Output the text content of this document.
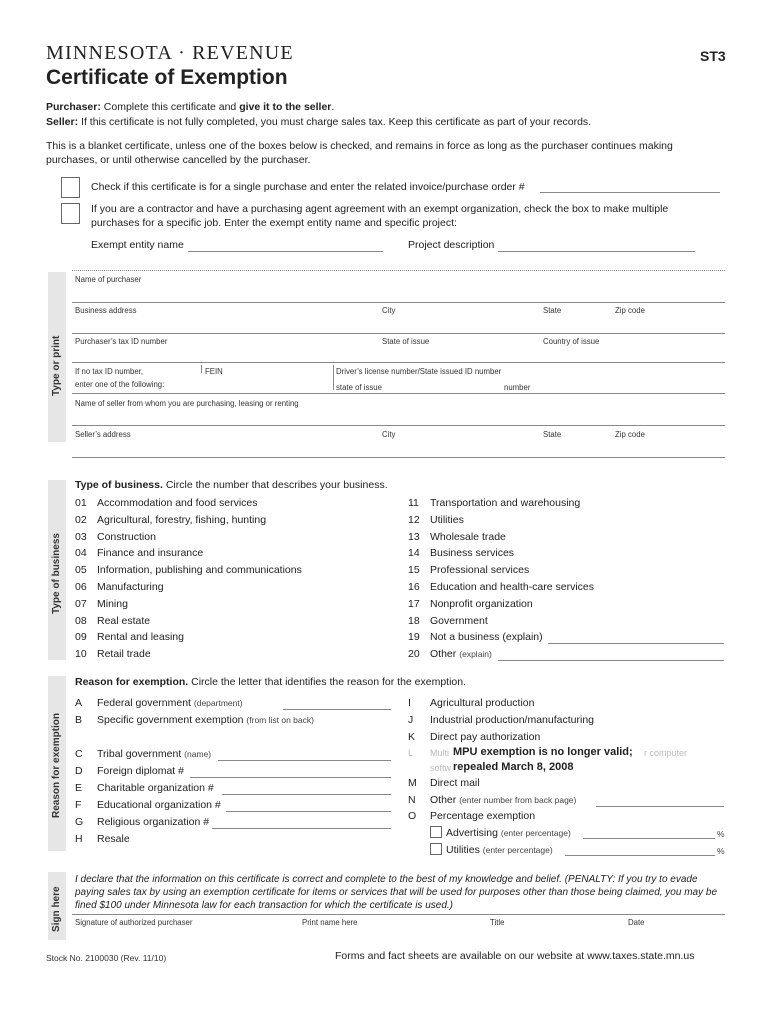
MINNESOTA · REVENUE	ST3
Certificate of Exemption
Purchaser: Complete this certificate and give it to the seller.
Seller: If this certificate is not fully completed, you must charge sales tax. Keep this certificate as part of your records.
This is a blanket certificate, unless one of the boxes below is checked, and remains in force as long as the purchaser continues making
purchases, or until otherwise cancelled by the purchaser.
Check if this certificate is for a single purchase and enter the related invoice/purchase order #
If you are a contractor and have a purchasing agent agreement with an exempt organization, check the box to make multiple
purchases for a specific job. Enter the exempt entity name and specific project:
Exempt entity name	Project description
Type or print
Name of purchaser
Business address	City	State	Zip code
Purchaser’s tax ID number	State of issue	Country of issue
If no tax ID number,
enter one of the following:
FEIN	Driver’s license number/State issued ID number
state of issue	number
Name of seller from whom you are purchasing, leasing or renting
Seller’s address	City	State	Zip code
Type of business
Type of business. Circle the number that describes your business.
01 Accommodation and food services
02 Agricultural, forestry, fishing, hunting
03 Construction
04 Finance and insurance
05 Information, publishing and communications
06 Manufacturing
07 Mining
08 Real estate
09 Rental and leasing
10 Retail trade
11 Transportation and warehousing
12 Utilities
13 Wholesale trade
14 Business services
15 Professional services
16 Education and health-care services
17 Nonprofit organization
18 Government
19 Not a business (explain)
20 Other (explain)
Reason for exemption
Reason for exemption. Circle the letter that identifies the reason for the exemption.
A Federal government (department)
B Specific government exemption (from list on back)
C Tribal government (name)
D Foreign diplomat #
E Charitable organization #
F Educational organization #
G Religious organization #
H Resale
I Agricultural production
J Industrial production/manufacturing
K Direct pay authorization
L Multi	r computer
softw
MPU exemption is no longer valid;
repealed March 8, 2008
M Direct mail
N Other (enter number from back page)
O Percentage exemption
Advertising (enter percentage)	%
Utilities (enter percentage)	%
Sign here
I declare that the information on this certificate is correct and complete to the best of my knowledge and belief. (PENALTY: If you try to evade paying sales tax by using an exemption certificate for items or services that will be used for purposes other than those being claimed, you may be fined $100 under Minnesota law for each transaction for which the certificate is used.)
Signature of authorized purchaser	Print name here	Title	Date
Stock No. 2100030 (Rev. 11/10)	Forms and fact sheets are available on our website at www.taxes.state.mn.us
